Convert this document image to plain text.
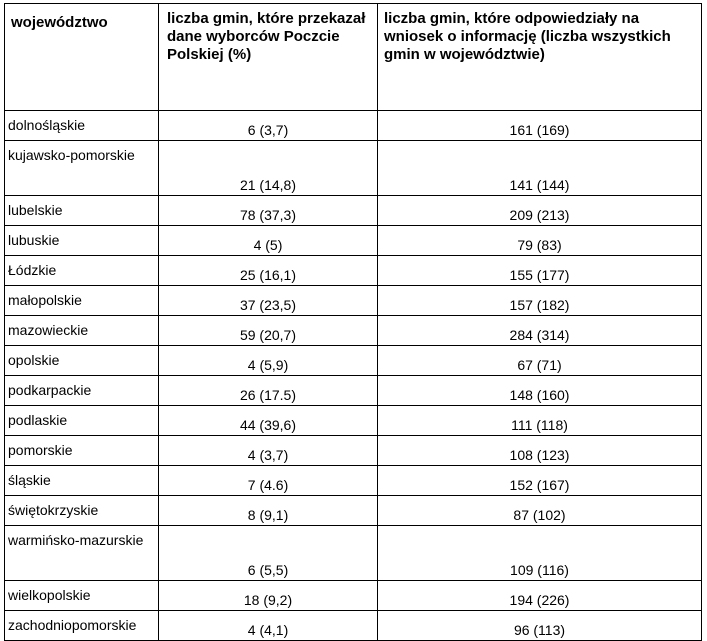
województwo	liczba gmin, które przekazał dane wyborców Poczcie Polskiej (%)	liczba gmin, które odpowiedziały na wniosek o informację (liczba wszystkich gmin w województwie)
dolnośląskie	6 (3,7)	161 (169)
kujawsko-pomorskie	21 (14,8)	141 (144)
lubelskie	78 (37,3)	209 (213)
lubuskie	4 (5)	79 (83)
Łódzkie	25 (16,1)	155 (177)
małopolskie	37 (23,5)	157 (182)
mazowieckie	59 (20,7)	284 (314)
opolskie	4 (5,9)	67 (71)
podkarpackie	26 (17.5)	148 (160)
podlaskie	44 (39,6)	111 (118)
pomorskie	4 (3,7)	108 (123)
śląskie	7 (4.6)	152 (167)
świętokrzyskie	8 (9,1)	87 (102)
warmińsko-mazurskie	6 (5,5)	109 (116)
wielkopolskie	18 (9,2)	194 (226)
zachodniopomorskie	4 (4,1)	96 (113)
